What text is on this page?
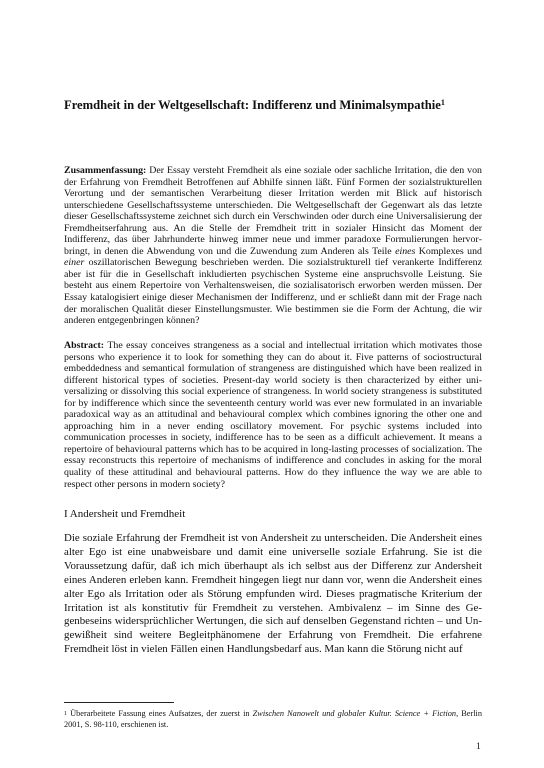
Fremdheit in der Weltgesellschaft: Indifferenz und Minimalsympathie$^1$
Zusammenfassung: Der Essay versteht Fremdheit als eine soziale oder sachliche Irritation, die den von der Erfahrung von Fremdheit Betroffenen auf Abhilfe sinnen läßt. Fünf Formen der sozialstrukturellen Verortung und der semantischen Verarbeitung dieser Irritation werden mit Blick auf historisch unterschiedene Gesellschaftssysteme unterschieden. Die Weltgesellschaft der Gegenwart als das letzte dieser Gesellschaftssysteme zeichnet sich durch ein Verschwinden oder durch eine Universalisierung der Fremdheitserfahrung aus. An die Stelle der Fremdheit tritt in sozialer Hinsicht das Moment der Indifferenz, das über Jahrhunderte hinweg immer neue und immer paradoxe Formulierungen hervorbringt, in denen die Abwendung von und die Zuwendung zum Anderen als Teile eines Komplexes und einer oszillatorischen Bewegung beschrieben werden. Die sozialstrukturell tief verankerte Indifferenz aber ist für die in Gesellschaft inkludierten psychischen Systeme eine anspruchsvolle Leistung. Sie besteht aus einem Repertoire von Verhaltensweisen, die sozialisatorisch erworben werden müssen. Der Essay katalogisiert einige dieser Mechanismen der Indifferenz, und er schließt dann mit der Frage nach der moralischen Qualität dieser Einstellungsmuster. Wie bestimmen sie die Form der Achtung, die wir anderen entgegenbringen können?
Abstract: The essay conceives strangeness as a social and intellectual irritation which motivates those persons who experience it to look for something they can do about it. Five patterns of sociostructural embeddedness and semantical formulation of strangeness are distinguished which have been realized in different historical types of societies. Present-day world society is then characterized by either universalizing or dissolving this social experience of strangeness. In world society strangeness is substituted for by indifference which since the seventeenth century world was ever new formulated in an invariable paradoxical way as an attitudinal and behavioural complex which combines ignoring the other one and approaching him in a never ending oscillatory movement. For psychic systems included into communication processes in society, indifference has to be seen as a difficult achievement. It means a repertoire of behavioural patterns which has to be acquired in long-lasting processes of socialization. The essay reconstructs this repertoire of mechanisms of indifference and concludes in asking for the moral quality of these attitudinal and behavioural patterns. How do they influence the way we are able to respect other persons in modern society?
I Andersheit und Fremdheit
Die soziale Erfahrung der Fremdheit ist von Andersheit zu unterscheiden. Die Andersheit eines alter Ego ist eine unabweisbare und damit eine universelle soziale Erfahrung. Sie ist die Voraussetzung dafür, daß ich mich überhaupt als ich selbst aus der Differenz zur Andersheit eines Anderen erleben kann. Fremdheit hingegen liegt nur dann vor, wenn die Andersheit eines alter Ego als Irritation oder als Störung empfunden wird. Dieses pragmatische Kriterium der Irritation ist als konstitutiv für Fremdheit zu verstehen. Ambivalenz – im Sinne des Gegenbeseins widersprüchlicher Wertungen, die sich auf denselben Gegenstand richten – und Ungewißheit sind weitere Begleitphänomene der Erfahrung von Fremdheit. Die erfahrene Fremdheit löst in vielen Fällen einen Handlungsbedarf aus. Man kann die Störung nicht auf
$^1$ Überarbeitete Fassung eines Aufsatzes, der zuerst in Zwischen Nanowelt und globaler Kultur. Science + Fiction, Berlin 2001, S. 98-110, erschienen ist.
1
